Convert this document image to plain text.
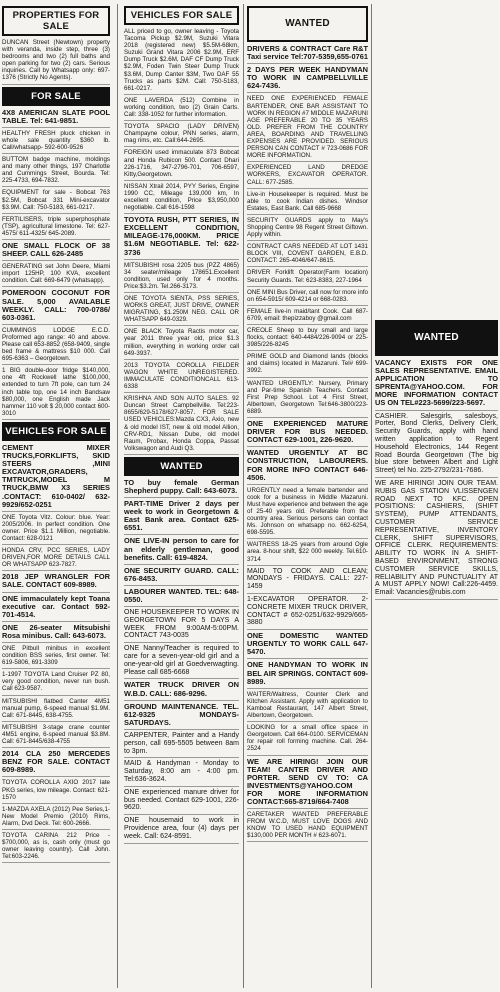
PROPERTIES FOR SALE
DUNCAN Street (Newtown) property with veranda, inside step, three (3) bedrooms and two (2) full baths and open parking for two (2) cars. Serious inquiries. Call by Whatsapp only: 697-1376 (Strictly No Agents).
FOR SALE
4X8 AMERICAN SLATE POOL TABLE. Tel: 641-9851.
HEALTHY FRESH pluck chicken in whole sale quantity $360 lb. Call/whatsapp- 592-600-9526
BUTTOM badge machine, moldings and many other things, 197 Charlotte and Cummings Street, Bourda. Tel: 225-4733, 694-7832.
EQUIPMENT for sale - Bobcat 763 $2.5M, Bobcat 331 Mini-excavator $3.9M. Call: 750-5183, 661-0217.
FERTILISERS, triple superphosphate (TSP), agricultural limestone. Tel: 627-4575/ 611-4325/ 645-2089.
ONE SMALL FLOCK OF 38 SHEEP. CALL 626-2485
GENERATING set John Deere, Miami import 125HP, 100 KVA, excellent condition. Call: 669-6479 (whatsapp).
POMEROON COCONUT FOR SALE. 5,000 AVAILABLE WEEKLY. CALL: 700-0786/ 603-0361.
CUMMINGS LODGE E.C.D. Proformed ago range: 40 and above. Please call 653-8852 (658-9409, single bed frame & mattress $10 000. Call 695-6363 – Georgetown.
1 BIG double-door fridge $140,000, one 4ft Rockwell lathe $100,000, extended to turn 7ft pole, can turn 24 inch table top, one 14 inch Bandsaw $80,000, one English made Jack hammer 110 volt $ 20,000 contact 600-3010
VEHICLES FOR SALE
CEMENT MIXER TRUCKS,FORKLIFTS, SKID STEERS ,MINI EXCAVATOR,GRADERS, TMTRUCK,MODEL M TRUCK,BMW X3 SERIES .CONTACT: 610-0402/ 632-9929/652-0251
ONE Toyota Vitz. Colour: blue. Year: 2005/2006. In perfect condition. One owner. Price $1.1 Million, negotiable. Contact: 628-0121
HONDA CRV, PCC SERIES, LADY DRIVEN,FOR MORE DETAILS CALL OR WHATSAPP 623-7827.
2018 JEP WRANGLER FOR SALE. CONTACT 609-8989.
ONE immaculately kept Toana executive car. Contact 592-701-4514.
ONE 26-seater Mitsubishi Rosa minibus. Call: 643-6073.
ONE Pitbull minibus in excellent condition BSS series, first owner. Tel: 619-5806, 691-3309
1-1997 TOYOTA Land Cruiser PZ 80, very good condition, never run bush. Call 623-9587.
MITSUBISHI flatbed Canter 4M51 manual pump, 6-speed manual $1.9M. Call: 671-8445, 638-4755.
MITSUBISHI 3-stage crane counter 4M51 engine, 6-speed manual $3.8M. Call: 671-8445/638-4755
2014 CLA 250 MERCEDES BENZ FOR SALE. CONTACT 609-8989.
TOYOTA COROLLA AXIO 2017 late PKG series, low mileage. Contact: 621-1570
1-MAZDA AXELA (2012) Pee Series,1- New Model Premio (2010) Rims, Alarm, Dvd Deck. Tel: 600-2666.
TOYOTA CARINA 212 Price - $700,000, as is, cash only (must go owner leaving country). Call John. Tel:603-2246.
VEHICLES FOR SALE
ALL priced to go, owner leaving - Toyota Tacoma Pickup $2.9M, Suzuki Vitara 2018 (registered new) $5.5M-68km, Suzuki Grand Vitara 2006 $2.9M, ERF Dump Truck $2.6M, DAF CF Dump Truck $2.9M, Foden Twin Steer Dump Truck $3.6M, Dump Canter $3M, Two DAF 55 Trucks as parts $2M. Call: 750-5183, 661-0217.
ONE LAVERDA (512) Combine in working condition, two (2) Grain Carts. Call: 338-1052 for further information.
TOYOTA SPACIO (LADY DRIVEN) Champayne colour, PNN series, alarm, mag rims, etc. Call:644-2695.
FOREIGN used immaculate 873 Bobcat and Honda Rubicon 500. Contact Dhari 226-1716, 347-2796-701, 706-6597, Kitty,Georgetown.
NISSAN Xtrail 2014, PYY Series, Engine 1990 CC, Mileage 139,000 km, In excellent condition, Price $3,950,000 negotiable. Call 616-1598
TOYOTA RUSH, PTT SERIES, IN EXCELLENT CONDITION, MILEAGE-176,000KM. PRICE $1.6M NEGOTIABLE. Tel: 622-3736
MITSUBISHI rosa 2205 bus (PZZ 4865) 34 seater/mileage 178651.Excellent condition, used only for 4 months. Price:$3.2m. Tel.266-3173.
ONE TOYOTA SIENTA, PSS SERIES, WORKS GREAT, JUST DRIVE, OWNER MIGRATING, $1.250M NEG. CALL OR WHATSAPP 649-0329.
ONE BLACK Toyota Ractis motor car, year 2011 three year old, price $1.3 million, everything in working order call 649-3937.
2013 TOYOTA COROLLA FIELDER WAGON WHITE UNREGISTERED. IMMACULATE CONDITIONCALL 613-6338
KRISHNA AND SON AUTO SALES. 92 Duncan Street Campbellville. Tel:223-8655/629-5178/627-8057. FOR SALE USED VEHICLES:Mazda CX3, Axio, new & old model IST, new & old model Allion, CRV-RD1, Nissan Dube, old model Raum, Probax, Honda Coppa, Passat Volkswagon and Audi Q3.
WANTED
TO buy female German Shepherd puppy. Call: 643-6073.
PART-TIME Driver 2 days per week to work in Georgetown & East Bank area. Contact 625-6551.
ONE LIVE-IN person to care for an elderly gentleman, good benefits. Call: 619-4824.
ONE SECURITY GUARD. CALL: 676-8453.
LABOURER WANTED. TEL: 648-0550.
ONE HOUSEKEEPER TO WORK IN GEORGETOWN FOR 5 DAYS A WEEK FROM 9:00AM-5:00PM. CONTACT 743-0035
ONE Nanny/Teacher is required to care for a seven-year-old girl and a one-year-old girl at Goedverwagting. Please call 685-6668
WATER TRUCK DRIVER ON W.B.D. CALL: 686-9296.
GROUND MAINTENANCE. TEL. 612-9325 MONDAYS-SATURDAYS.
CARPENTER, Painter and a Handy person, call 695-5505 between 8am to 3pm.
MAID & Handyman - Monday to Saturday, 8:00 am - 4:00 pm. Tel:636-3624.
ONE experienced manure driver for bus needed. Contact 629-1001, 226-9620.
ONE housemaid to work in Providence area, four (4) days per week. Call: 624-8591.
WANTED
DRIVERS & CONTRACT Care R&T Taxi service Tel:707-5359,655-0761
2 DAYS PER WEEK HANDYMAN TO WORK IN CAMPBELLVILLE 624-7436.
NEED ONE EXPERIENCED FEMALE BARTENDER, ONE BAR ASSISTANT TO WORK IN REGION #7 MIDDLE MAZARUNI AGE PREFERABLE 20 TO 35 YEARS OLD. PREFER FROM THE COUNTRY AREA, BOARDING AND TRAVELLING EXPENSES ARE PROVIDED. SERIOUS PERSON CAN CONTACT # 723-0686 FOR MORE INFORMATION.
EXPERIENCED LAND DREDGE WORKERS, EXCAVATOR OPERATOR. CALL: 677-2585.
Live-in Housekeeper is required. Must be able to cook Indian dishes. Windsor Estates, East Bank. Call 685-9668
SECURITY GUARDS apply to May's Shopping Centre 98 Regent Street Giftown. Apply within.
CONTRACT CARS NEEDED AT LOT 1431 BLOCK VIII, COVENT GARDEN, E.B.D. CONTACT: 265-4046/647-8615.
DRIVER Forklift Operator(Farm location) Security Guards. Tel: 623-8383, 227-1964
ONE MINI Bus Driver, call now for more info on 654-5915/ 609-4214 or 668-0283.
FEMALE live-in maid/tant Cook. Call 687-6709, email: thepizzaboy @gmail.com
CREOLE Sheep to buy small and large flocks, contact: 640-4484/226-9094 or 225-3985/226-8245
PRIME GOLD and Diamond lands (blocks and claims) located in Mazaruni. Tel# 699-3992.
WANTED URGENTLY: Nursery, Primary and Par-time Spanish Teachers. Contact First Prep School. Lot 4 First Street, Albertown, Georgetown Tel:646-3800/223-6889.
ONE EXPERIENCED MATURE DRIVER FOR BUS NEEDED. CONTACT 629-1001, 226-9620.
WANTED URGENTLY AT BC CONSTRUCTION, LABOURERS. FOR MORE INFO CONTACT 646-4506.
URGENTLY need a female bartender and cook for a business in Middle Mazaruni. Must have experience and between the age of 25-40 years old. Preferable from the country area. Serious persons can contact Ms. Johnson on whatsapp no. 662-6254, 698-5595.
WAITRESS 18-25 years from around Ogle area. 8-hour shift, $22 000 weekly. Tel.610-3714
MAID TO COOK AND CLEAN; MONDAYS - FRIDAYS. CALL: 227-1459
1-EXCAVATOR OPERATOR. 2- CONCRETE MIXER TRUCK DRIVER, CONTACT # 652-0251/632-9929/665-3880
ONE DOMESTIC WANTED URGENTLY TO WORK CALL 647-5470.
ONE HANDYMAN TO WORK IN BEL AIR SPRINGS. CONTACT 609-8989.
WAITER/Waitress, Counter Clerk and Kitchen Assistant. Apply with application to Kamboat Restaurant, 147 Albert Street, Albertown, Georgetown.
LOOKING for a small office space in Georgetown. Call 664-0100. SERVICEMAN for repair roll forming machine. Call. 264-2524
WE ARE HIRING! JOIN OUR TEAM! CANTER DRIVER AND PORTER. SEND CV TO: CA INVESTMENTS@YAHOO.COM FOR MORE INFORMATION CONTACT:665-8719/664-7408
CARETAKER WANTED PREFERABLE FROM W.C.D, MUST LOVE DOGS AND KNOW TO USED HAND EQUIPMENT $130,000 PER MONTH # 623-6071.
WANTED
VACANCY EXISTS FOR ONE SALES REPRESENTATIVE. EMAIL APPLICATION TO SPRENTA@YAHOO.COM. FOR MORE INFORMATION CONTACT US ON TEL#223-5699/223-5697.
CASHIER. Salesgirls, salesboys, Porter, Bond Clerks, Delivery Clerk, Security Guards, apply with hand written application to Regent Household Electronics, 144 Regent Road Bourda Georgetown (The big blue store between Albert and Light Street) tel No. 225-2792/231-7686.
WE ARE HIRING! JOIN OUR TEAM. RUBIS GAS STATION VLISSENGEN ROAD NEXT TO KFC. OPEN POSITIONS: CASHIERS, (SHIFT SYSTEM), PUMP ATTENDANTS, CUSTOMER SERVICE REPRESENTATIVE, INVENTORY CLERK, SHIFT SUPERVISORS, OFFICE CLERK. REQUIREMENTS: ABILITY TO WORK IN A SHIFT-BASED ENVIRONMENT, STRONG CUSTOMER SERVICE SKILLS, RELIABILITY AND PUNCTUALITY AT A MUST APPLY NOW! Call:226-4459. Email: Vacancies@rubis.com
